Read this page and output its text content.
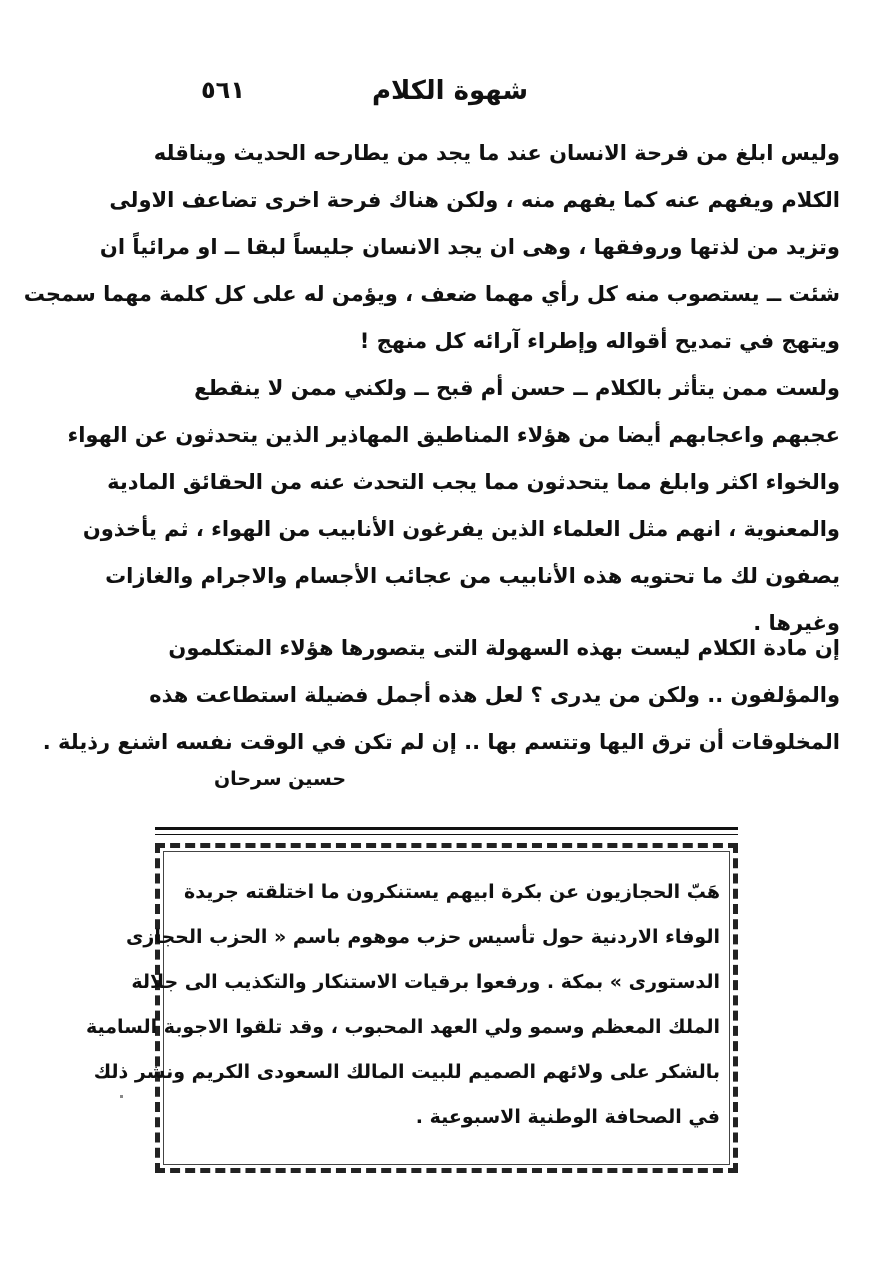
شهوة الكلام
٥٦١
وليس ابلغ من فرحة الانسان عند ما يجد من يطارحه الحديث ويناقله
الكلام ويفهم عنه كما يفهم منه ، ولكن هناك فرحة اخرى تضاعف الاولى
وتزيد من لذتها وروفقها ، وهى ان يجد الانسان جليساً لبقا ــ او مرائياً ان
شئت ــ يستصوب منه كل رأي مهما ضعف ، ويؤمن له على كل كلمة مهما سمجت
ويتهج في تمديح أقواله وإطراء آرائه كل منهج !
ولست ممن يتأثر بالكلام ــ حسن أم قبح ــ ولكني ممن لا ينقطع
عجبهم واعجابهم أيضا من هؤلاء المناطيق المهاذير الذين يتحدثون عن الهواء
والخواء اكثر وابلغ مما يتحدثون مما يجب التحدث عنه من الحقائق المادية
والمعنوية ، انهم مثل العلماء الذين يفرغون الأنابيب من الهواء ، ثم يأخذون
يصفون لك ما تحتويه هذه الأنابيب من عجائب الأجسام والاجرام والغازات
وغيرها .
إن مادة الكلام ليست بهذه السهولة التى يتصورها هؤلاء المتكلمون
والمؤلفون .. ولكن من يدرى ؟ لعل هذه أجمل فضيلة استطاعت هذه
المخلوقات أن ترق اليها وتتسم بها .. إن لم تكن في الوقت نفسه اشنع رذيلة .
حسين سرحان
هَبّ الحجازيون عن بكرة ابيهم يستنكرون ما اختلقته جريدة
الوفاء الاردنية حول تأسيس حزب موهوم باسم « الحزب الحجازى
الدستورى » بمكة . ورفعوا برقيات الاستنكار والتكذيب الى جلالة
الملك المعظم وسمو ولي العهد المحبوب ، وقد تلقوا الاجوبة السامية
بالشكر على ولائهم الصميم للبيت المالك السعودى الكريم ونشر ذلك
في الصحافة الوطنية الاسبوعية .
